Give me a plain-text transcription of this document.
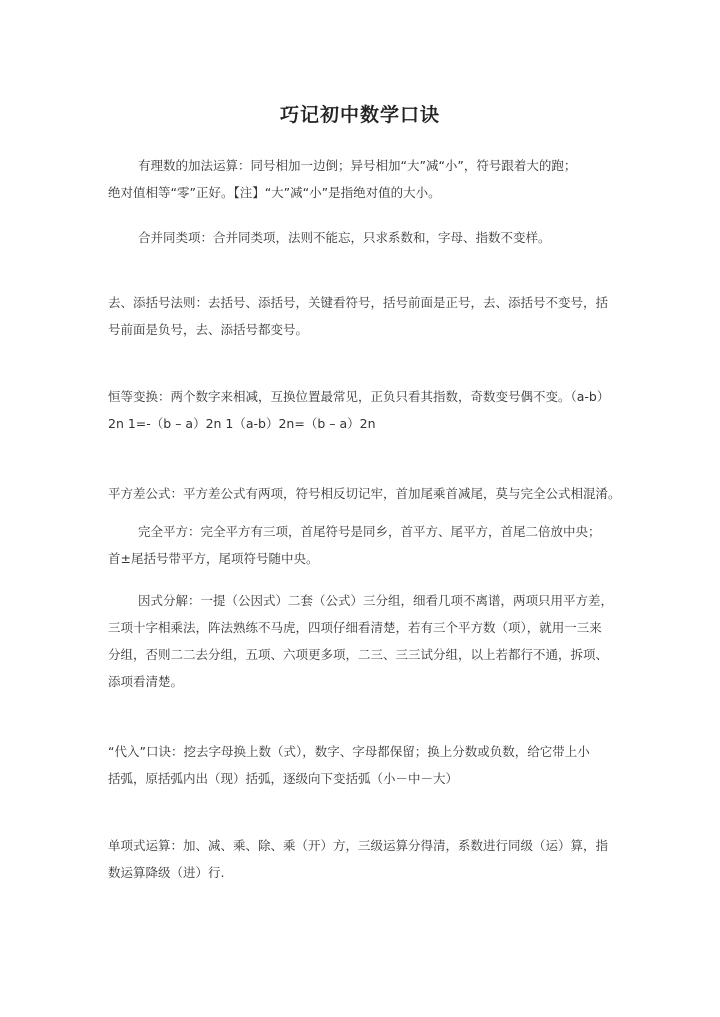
巧记初中数学口诀
有理数的加法运算：同号相加一边倒；异号相加“大”减“小”，符号跟着大的跑；
绝对值相等“零”正好。【注】“大”减“小”是指绝对值的大小。
合并同类项：合并同类项，法则不能忘，只求系数和，字母、指数不变样。
去、添括号法则：去括号、添括号，关键看符号，括号前面是正号，去、添括号不变号，括
号前面是负号，去、添括号都变号。
恒等变换：两个数字来相减，互换位置最常见，正负只看其指数，奇数变号偶不变。（a-b）
2n 1=-（b – a）2n 1（a-b）2n=（b – a）2n
平方差公式：平方差公式有两项，符号相反切记牢，首加尾乘首减尾，莫与完全公式相混淆。
完全平方：完全平方有三项，首尾符号是同乡，首平方、尾平方，首尾二倍放中央；
首±尾括号带平方，尾项符号随中央。
因式分解：一提（公因式）二套（公式）三分组，细看几项不离谱，两项只用平方差，
三项十字相乘法，阵法熟练不马虎，四项仔细看清楚，若有三个平方数（项），就用一三来
分组，否则二二去分组，五项、六项更多项，二三、三三试分组，以上若都行不通，拆项、
添项看清楚。
“代入”口诀：挖去字母换上数（式），数字、字母都保留；换上分数或负数，给它带上小
括弧，原括弧内出（现）括弧，逐级向下变括弧（小－中－大）
单项式运算：加、减、乘、除、乘（开）方，三级运算分得清，系数进行同级（运）算，指
数运算降级（进）行.
